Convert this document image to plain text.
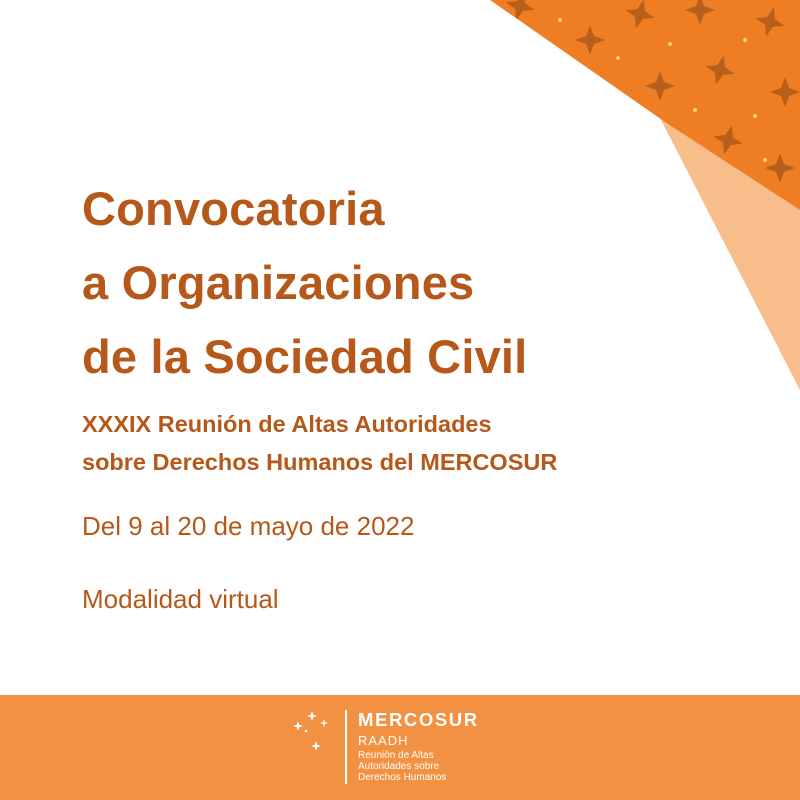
Convocatoria
a Organizaciones
de la Sociedad Civil
XXXIX Reunión de Altas Autoridades
sobre Derechos Humanos del MERCOSUR

Del 9 al 20 de mayo de 2022

Modalidad virtual

MERCOSUR

RAADH

Reunión de Altas
Autoridades sobre
Derechos Humanos
